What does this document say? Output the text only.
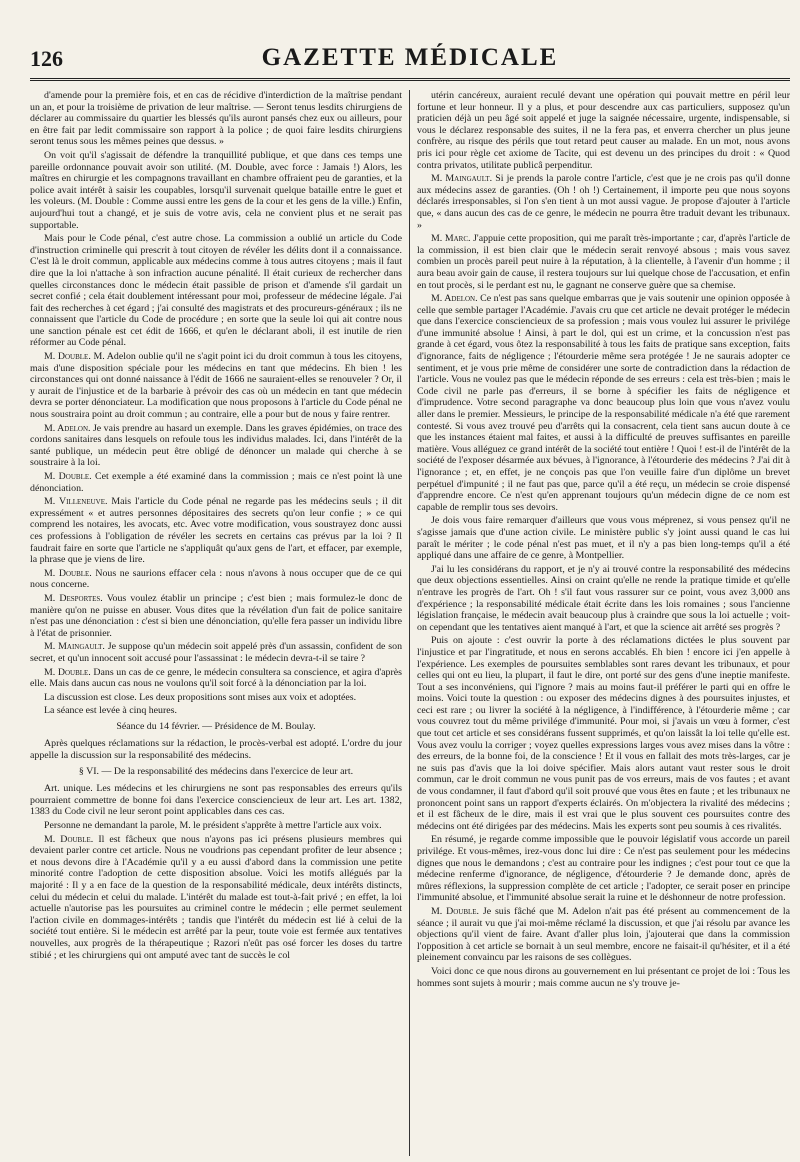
126	GAZETTE MÉDICALE

d'amende pour la première fois, et en cas de récidive d'interdiction de la maîtrise pendant un an, et pour la troisième de privation de leur maîtrise. — Seront tenus lesdits chirurgiens de déclarer au commissaire du quartier les blessés qu'ils auront pansés chez eux ou ailleurs, pour en être fait par ledit commissaire son rapport à la police ; de quoi faire lesdits chirurgiens seront tenus sous les mêmes peines que dessus. »

On voit qu'il s'agissait de défendre la tranquillité publique, et que dans ces temps une pareille ordonnance pouvait avoir son utilité. (M. Double, avec force : Jamais !) Alors, les maîtres en chirurgie et les compagnons travaillant en chambre offraient peu de garanties, et la police avait intérêt à saisir les coupables, lorsqu'il survenait quelque bataille entre le guet et les voleurs. (M. Double : Comme aussi entre les gens de la cour et les gens de la ville.) Enfin, aujourd'hui tout a changé, et je suis de votre avis, cela ne convient plus et ne serait pas supportable.

Mais pour le Code pénal, c'est autre chose. La commission a oublié un article du Code d'instruction criminelle qui prescrit à tout citoyen de révéler les délits dont il a connaissance. C'est là le droit commun, applicable aux médecins comme à tous autres citoyens ; mais il faut dire que la loi n'attache à son infraction aucune pénalité. Il était curieux de rechercher dans quelles circonstances donc le médecin était passible de prison et d'amende s'il gardait un secret confié ; cela était doublement intéressant pour moi, professeur de médecine légale. J'ai fait des recherches à cet égard ; j'ai consulté des magistrats et des procureurs-généraux ; ils ne connaissent que l'article du Code de procédure ; en sorte que la seule loi qui ait contre nous une sanction pénale est cet édit de 1666, et qu'en le déclarant aboli, il est inutile de rien réformer au Code pénal.

M. Double. M. Adelon oublie qu'il ne s'agit point ici du droit commun à tous les citoyens, mais d'une disposition spéciale pour les médecins en tant que médecins. Eh bien ! les circonstances qui ont donné naissance à l'édit de 1666 ne sauraient-elles se renouveler ? Or, il y aurait de l'injustice et de la barbarie à prévoir des cas où un médecin en tant que médecin devra se porter dénonciateur. La modification que nous proposons à l'article du Code pénal ne nous soustrairа point au droit commun ; au contraire, elle a pour but de nous y faire rentrer.

M. Adelon. Je vais prendre au hasard un exemple. Dans les graves épidémies, on trace des cordons sanitaires dans lesquels on refoule tous les individus malades. Ici, dans l'intérêt de la santé publique, un médecin peut être obligé de dénoncer un malade qui cherche à se soustraire à la loi.

M. Double. Cet exemple a été examiné dans la commission ; mais ce n'est point là une dénonciation.

M. Villeneuve. Mais l'article du Code pénal ne regarde pas les médecins seuls ; il dit expressément « et autres personnes dépositaires des secrets qu'on leur confie ; » ce qui comprend les notaires, les avocats, etc. Avec votre modification, vous soustrayez donc aussi ces professions à l'obligation de révéler les secrets en certains cas prévus par la loi ? Il faudrait faire en sorte que l'article ne s'appliquât qu'aux gens de l'art, et effacer, par exemple, la phrase que je viens de lire.

M. Double. Nous ne saurions effacer cela : nous n'avons à nous occuper que de ce qui nous concerne.

M. Desportes. Vous voulez établir un principe ; c'est bien ; mais formulez-le donc de manière qu'on ne puisse en abuser. Vous dites que la révélation d'un fait de police sanitaire n'est pas une dénonciation : c'est si bien une dénonciation, qu'elle fera passer un individu libre à l'état de prisonnier.

M. Maingault. Je suppose qu'un médecin soit appelé près d'un assassin, confident de son secret, et qu'un innocent soit accusé pour l'assassinat : le médecin devra-t-il se taire ?

M. Double. Dans un cas de ce genre, le médecin consultera sa conscience, et agira d'après elle. Mais dans aucun cas nous ne voulons qu'il soit forcé à la dénonciation par la loi.

La discussion est close. Les deux propositions sont mises aux voix et adoptées.

La séance est levée à cinq heures.

Séance du 14 février. — Présidence de M. Boulay.

Après quelques réclamations sur la rédaction, le procès-verbal est adopté. L'ordre du jour appelle la discussion sur la responsabilité des médecins.

§ VI. — De la responsabilité des médecins dans l'exercice de leur art.

Art. unique. Les médecins et les chirurgiens ne sont pas responsables des erreurs qu'ils pourraient commettre de bonne foi dans l'exercice consciencieux de leur art. Les art. 1382, 1383 du Code civil ne leur seront point applicables dans ces cas.

Personne ne demandant la parole, M. le président s'apprête à mettre l'article aux voix.

M. Double. Il est fâcheux que nous n'ayons pas ici présens plusieurs membres qui devaient parler contre cet article. Nous ne voudrions pas cependant profiter de leur absence ; et nous devons dire à l'Académie qu'il y a eu aussi d'abord dans la commission une petite minorité contre l'adoption de cette disposition absolue. Voici les motifs allégués par la majorité : Il y a en face de la question de la responsabilité médicale, deux intérêts distincts, celui du médecin et celui du malade. L'intérêt du malade est tout-à-fait privé ; en effet, la loi actuelle n'autorise pas les poursuites au criminel contre le médecin ; elle permet seulement l'action civile en dommages-intérêts ; tandis que l'intérêt du médecin est lié à celui de la société tout entière. Si le médecin est arrêté par la peur, toute voie est fermée aux tentatives nouvelles, aux progrès de la thérapeutique ; Razori n'eût pas osé forcer les doses du tartre stibié ; et les chirurgiens qui ont amputé avec tant de succès le col

utérin cancéreux, auraient reculé devant une opération qui pouvait mettre en péril leur fortune et leur honneur. Il y a plus, et pour descendre aux cas particuliers, supposez qu'un praticien déjà un peu âgé soit appelé et juge la saignée nécessaire, urgente, indispensable, si vous le déclarez responsable des suites, il ne la fera pas, et enverra chercher un plus jeune confrère, au risque des périls que tout retard peut causer au malade. En un mot, nous avons pris ici pour règle cet axiome de Tacite, qui est devenu un des principes du droit : « Quod contra privatos, utilitate publicâ perpenditur.

M. Maingault. Si je prends la parole contre l'article, c'est que je ne crois pas qu'il donne aux médecins assez de garanties. (Oh ! oh !) Certainement, il importe peu que nous soyons déclarés irresponsables, si l'on s'en tient à un mot aussi vague. Je propose d'ajouter à l'article que, « dans aucun des cas de ce genre, le médecin ne pourra être traduit devant les tribunaux. »

M. Marc. J'appuie cette proposition, qui me paraît très-importante ; car, d'après l'article de la commission, il est bien clair que le médecin serait renvoyé absous ; mais vous savez combien un procès pareil peut nuire à la réputation, à la clientelle, à l'avenir d'un homme ; il aura beau avoir gain de cause, il restera toujours sur lui quelque chose de l'accusation, et enfin en tout procès, si le perdant est nu, le gagnant ne conserve guère que sa chemise.

M. Adelon. Ce n'est pas sans quelque embarras que je vais soutenir une opinion opposée à celle que semble partager l'Académie. J'avais cru que cet article ne devait protéger le médecin que dans l'exercice consciencieux de sa profession ; mais vous voulez lui assurer le privilége d'une immunité absolue ! Ainsi, à part le dol, qui est un crime, et la concussion n'est pas grande à cet égard, vous ôtez la responsabilité à tous les faits de pratique sans exception, faits d'ignorance, faits de négligence ; l'étourderie même sera protégée ! Je ne saurais adopter ce sentiment, et je vous prie même de considérer une sorte de contradiction dans la rédaction de l'article. Vous ne voulez pas que le médecin réponde de ses erreurs : cela est très-bien ; mais le Code civil ne parle pas d'erreurs, il se borne à spécifier les faits de négligence et d'imprudence. Votre second paragraphe va donc beaucoup plus loin que vous n'avez voulu aller dans le premier. Messieurs, le principe de la responsabilité médicale n'a été que rarement contesté. Si vous avez trouvé peu d'arrêts qui la consacrent, cela tient sans aucun doute à ce que les instances étaient mal faites, et aussi à la difficulté de preuves suffisantes en pareille matière. Vous alléguez ce grand intérêt de la société tout entière ! Quoi ! est-il de l'intérêt de la société de l'exposer désarmée aux bévues, à l'ignorance, à l'étourderie des médecins ? J'ai dit à l'ignorance ; et, en effet, je ne conçois pas que l'on veuille faire d'un diplôme un brevet perpétuel d'impunité ; il ne faut pas que, parce qu'il a été reçu, un médecin se croie dispensé d'apprendre encore. Ce n'est qu'en apprenant toujours qu'un médecin digne de ce nom est capable de remplir tous ses devoirs.

Je dois vous faire remarquer d'ailleurs que vous vous méprenez, si vous pensez qu'il ne s'agisse jamais que d'une action civile. Le ministère public s'y joint aussi quand le cas lui paraît le mériter ; le code pénal n'est pas muet, et il n'y a pas bien long-temps qu'il a été appliqué dans une affaire de ce genre, à Montpellier.

J'ai lu les considérans du rapport, et je n'y ai trouvé contre la responsabilité des médecins que deux objections essentielles. Ainsi on craint qu'elle ne rende la pratique timide et qu'elle n'entrave les progrès de l'art. Oh ! s'il faut vous rassurer sur ce point, vous avez 3,000 ans d'expérience ; la responsabilité médicale était écrite dans les lois romaines ; sous l'ancienne législation française, le médecin avait beaucoup plus à craindre que sous la loi actuelle ; voit-on cependant que les tentatives aient manqué à l'art, et que la science ait arrêté ses progrès ?

Puis on ajoute : c'est ouvrir la porte à des réclamations dictées le plus souvent par l'injustice et par l'ingratitude, et nous en serons accablés. Eh bien ! encore ici j'en appelle à l'expérience. Les exemples de poursuites semblables sont rares devant les tribunaux, et pour celles qui ont eu lieu, la plupart, il faut le dire, ont porté sur des gens d'une ineptie manifeste. Tout a ses inconvéniens, qui l'ignore ? mais au moins faut-il préférer le parti qui en offre le moins. Voici toute la question : ou exposer des médecins dignes à des poursuites injustes, et ceci est rare ; ou livrer la société à la négligence, à l'indifférence, à l'étourderie même ; car vous couvrez tout du même privilége d'immunité. Pour moi, si j'avais un vœu à former, c'est que tout cet article et ses considérans fussent supprimés, et qu'on laissât la loi telle qu'elle est. Vous avez voulu la corriger ; voyez quelles expressions larges vous avez mises dans la vôtre : des erreurs, de la bonne foi, de la conscience ! Et il vous en fallait des mots très-larges, car je ne suis pas d'avis que la loi doive spécifier. Mais alors autant vaut rester sous le droit commun, car le droit commun ne vous punit pas de vos erreurs, mais de vos fautes ; et avant de vous condamner, il faut d'abord qu'il soit prouvé que vous êtes en faute ; et les tribunaux ne prononcent point sans un rapport d'experts éclairés. On m'objectera la rivalité des médecins ; et il est fâcheux de le dire, mais il est vrai que le plus souvent ces poursuites contre des médecins ont été dirigées par des médecins. Mais les experts sont peu soumis à ces rivalités.

En résumé, je regarde comme impossible que le pouvoir législatif vous accorde un pareil privilége. Et vous-mêmes, irez-vous donc lui dire : Ce n'est pas seulement pour les médecins dignes que nous le demandons ; c'est au contraire pour les indignes ; c'est pour tout ce que la médecine renferme d'ignorance, de négligence, d'étourderie ? Je demande donc, après de mûres réflexions, la suppression complète de cet article ; l'adopter, ce serait poser en principe l'immunité absolue, et l'immunité absolue serait la ruine et le déshonneur de notre profession.

M. Double. Je suis fâché que M. Adelon n'ait pas été présent au commencement de la séance ; il aurait vu que j'ai moi-même réclamé la discussion, et que j'ai résolu par avance les objections qu'il vient de faire. Avant d'aller plus loin, j'ajouterai que dans la commission l'opposition à cet article se bornait à un seul membre, encore ne faisait-il qu'hésiter, et il a été pleinement convaincu par les raisons de ses collègues.

Voici donc ce que nous dirons au gouvernement en lui présentant ce projet de loi : Tous les hommes sont sujets à mourir ; mais comme aucun ne s'y trouve je-
